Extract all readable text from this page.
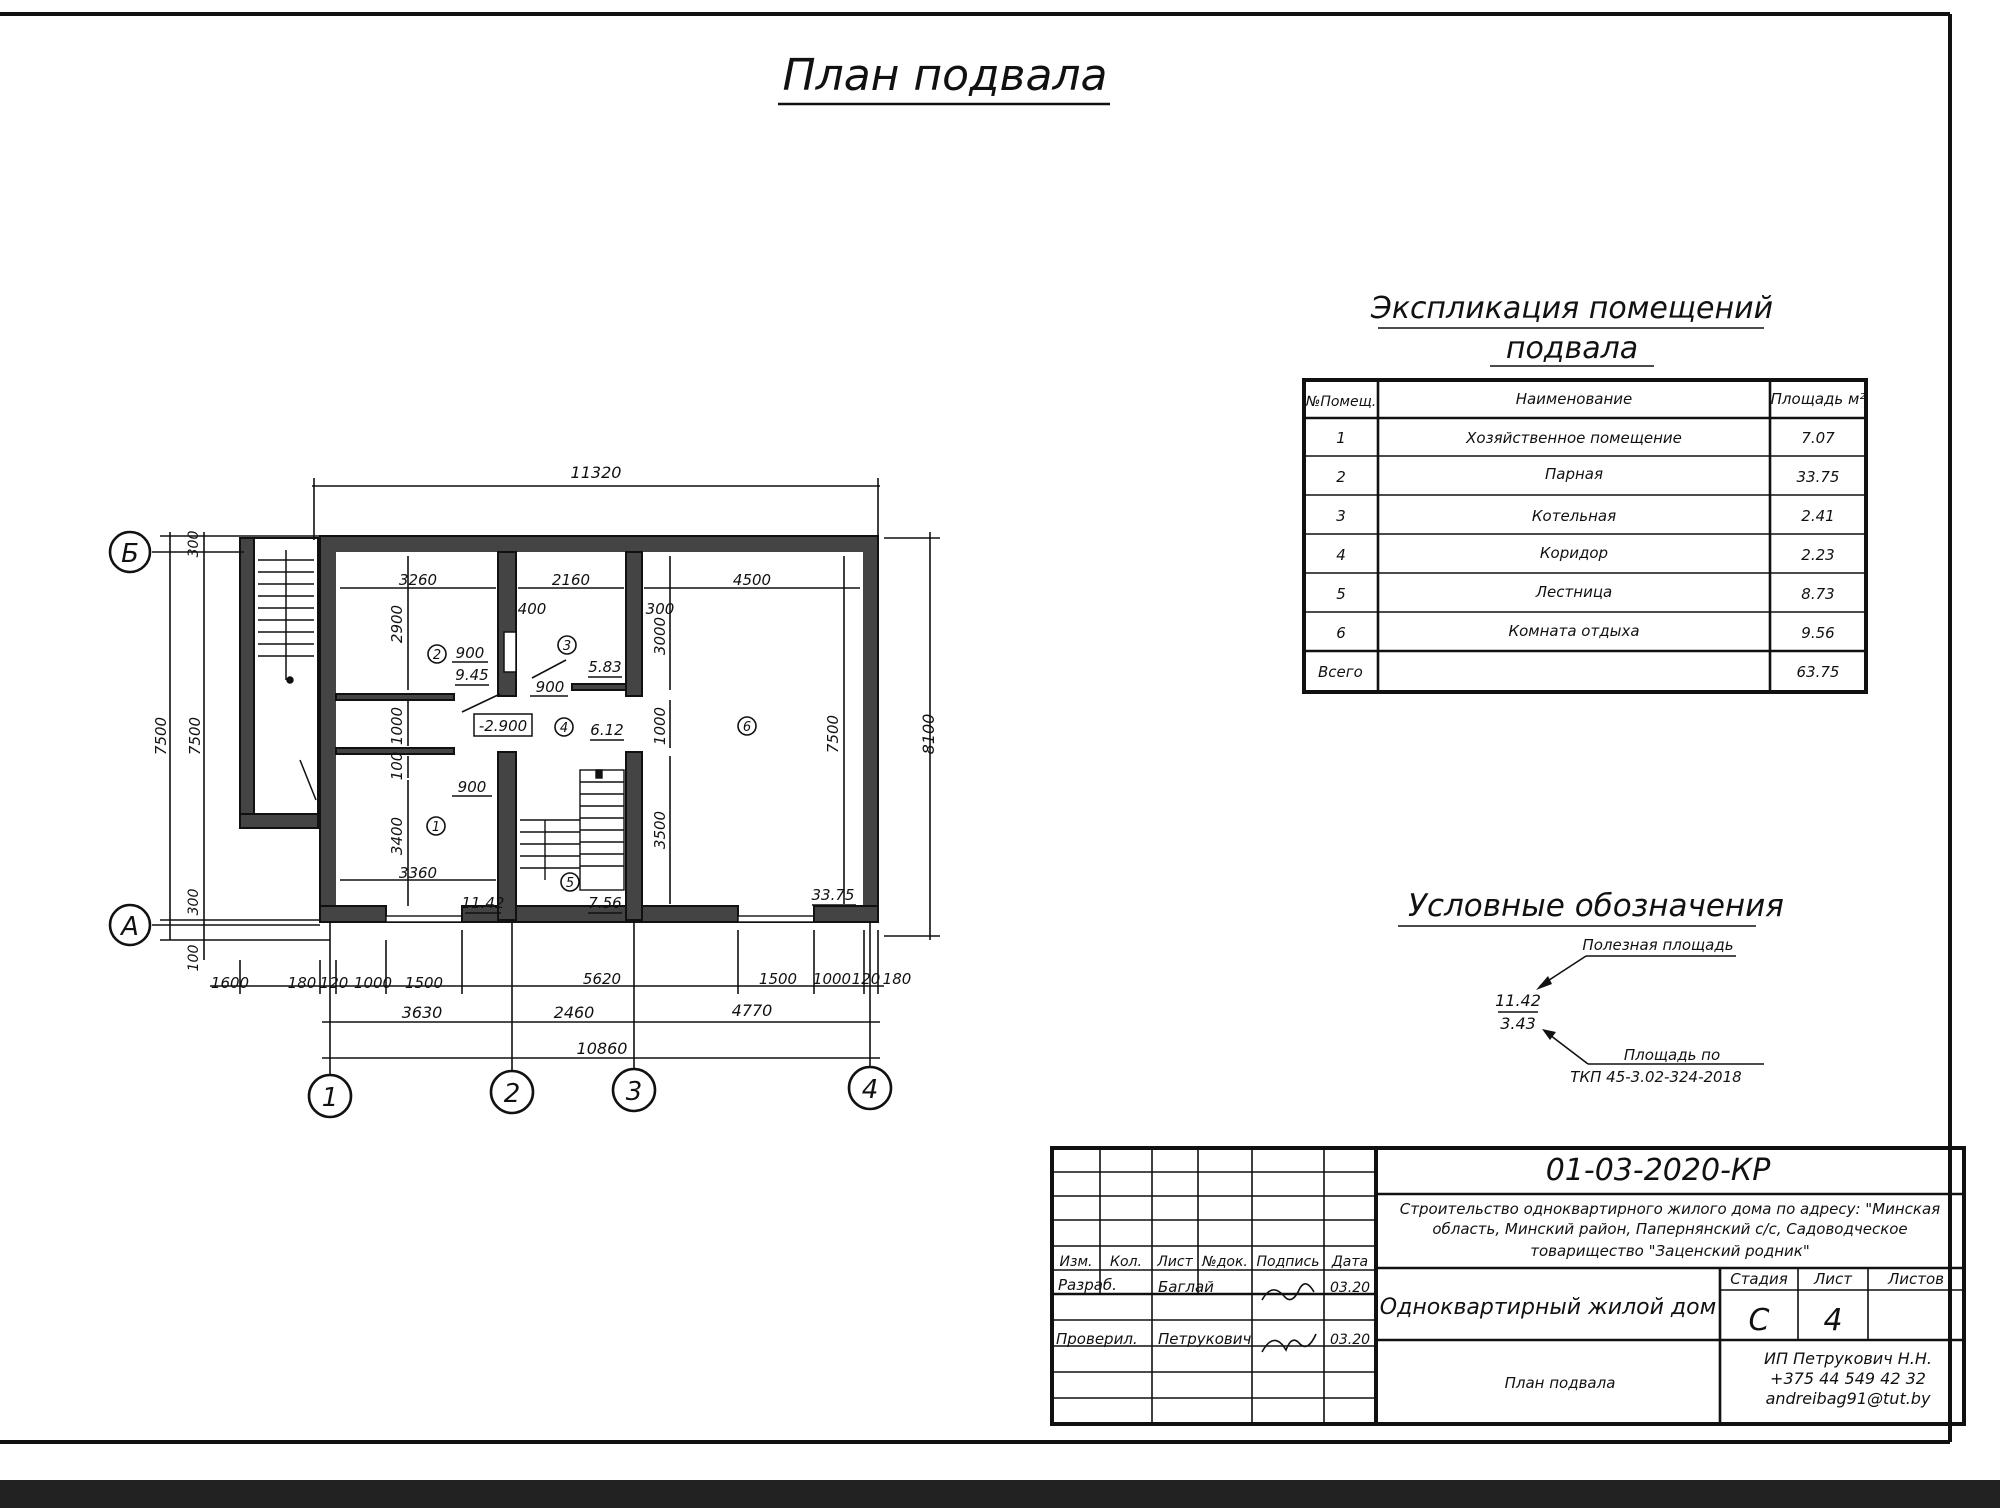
План подвала
Экспликация помещений
подвала
№Помещ.	Наименование	Площадь м²
1	Хозяйственное помещение	7.07
2	Парная	33.75
3	Котельная	2.41
4	Коридор	2.23
5	Лестница	8.73
6	Комната отдыха	9.56
Всего	63.75
Условные обозначения
Полезная площадь
11.42
3.43
Площадь по
ТКП 45-3.02-324-2018
-2.900
2
9.45
3
5.83
4 6.12
1
11.42
5
7.56
6
33.75
3260	2160	4500
400	300
900
900
900
3360
2900
1000
100
3400
3000
1000
3500
7500
11320
8100
Б
А
300
7500 7500
300
100
1600	180 120 1000 1500	5620	1500 1000 120 180
3630	2460	4770
10860
1	2	3	4
Изм. Кол. Лист №док. Подпись Дата
Разраб.	Баглай	03.20
Проверил. Петрукович	03.20
01-03-2020-КР
Строительство одноквартирного жилого дома по адресу: "Минская
область, Минский район, Папернянский с/с, Садоводческое
товарищество "Заценский родник"
Одноквартирный жилой дом
План подвала
Стадия Лист Листов
С 4
ИП Петрукович Н.Н.
+375 44 549 42 32
andreibag91@tut.by
